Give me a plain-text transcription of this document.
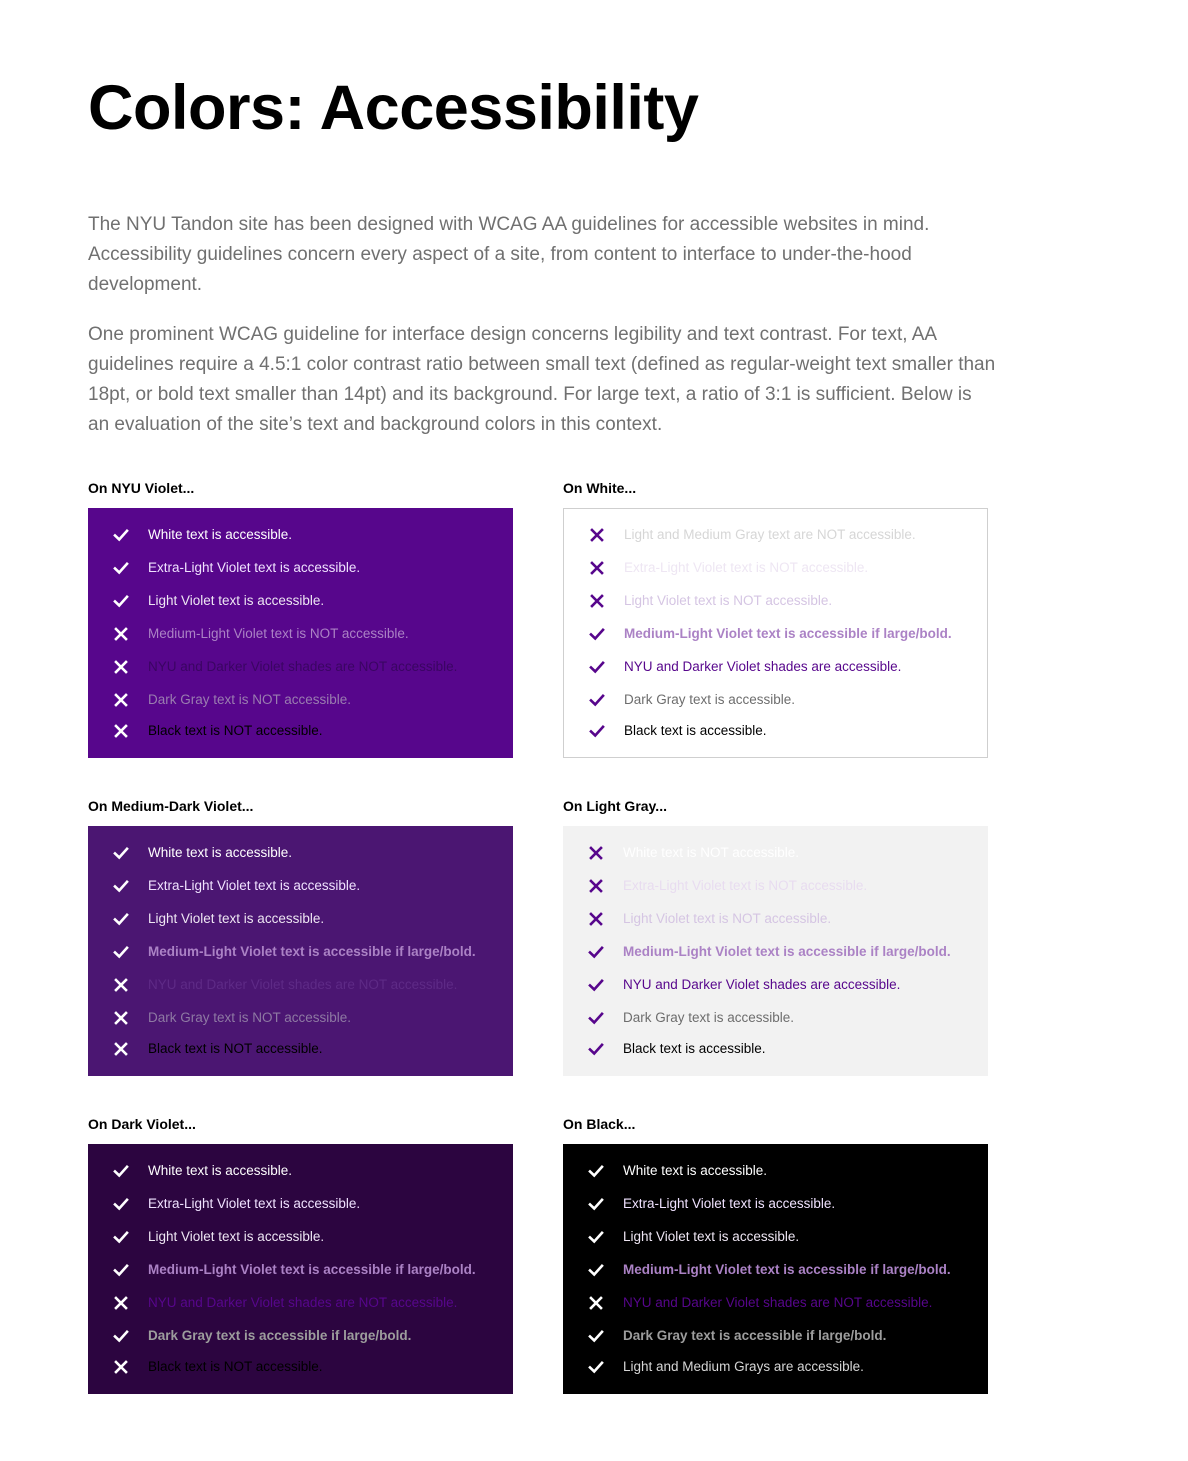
Colors: Accessibility

The NYU Tandon site has been designed with WCAG AA guidelines for accessible websites in mind. Accessibility guidelines concern every aspect of a site, from content to interface to under-the-hood development.

One prominent WCAG guideline for interface design concerns legibility and text contrast. For text, AA guidelines require a 4.5:1 color contrast ratio between small text (defined as regular-weight text smaller than 18pt, or bold text smaller than 14pt) and its background. For large text, a ratio of 3:1 is sufficient. Below is an evaluation of the site’s text and background colors in this context.

On NYU Violet...
White text is accessible.
Extra-Light Violet text is accessible.
Light Violet text is accessible.
Medium-Light Violet text is NOT accessible.
NYU and Darker Violet shades are NOT accessible.
Dark Gray text is NOT accessible.
Black text is NOT accessible.
On White...
Light and Medium Gray text are NOT accessible.
Extra-Light Violet text is NOT accessible.
Light Violet text is NOT accessible.
Medium-Light Violet text is accessible if large/bold.
NYU and Darker Violet shades are accessible.
Dark Gray text is accessible.
Black text is accessible.
On Medium-Dark Violet...
White text is accessible.
Extra-Light Violet text is accessible.
Light Violet text is accessible.
Medium-Light Violet text is accessible if large/bold.
NYU and Darker Violet shades are NOT accessible.
Dark Gray text is NOT accessible.
Black text is NOT accessible.
On Light Gray...
White text is NOT accessible.
Extra-Light Violet text is NOT accessible.
Light Violet text is NOT accessible.
Medium-Light Violet text is accessible if large/bold.
NYU and Darker Violet shades are accessible.
Dark Gray text is accessible.
Black text is accessible.
On Dark Violet...
White text is accessible.
Extra-Light Violet text is accessible.
Light Violet text is accessible.
Medium-Light Violet text is accessible if large/bold.
NYU and Darker Violet shades are NOT accessible.
Dark Gray text is accessible if large/bold.
Black text is NOT accessible.
On Black...
White text is accessible.
Extra-Light Violet text is accessible.
Light Violet text is accessible.
Medium-Light Violet text is accessible if large/bold.
NYU and Darker Violet shades are NOT accessible.
Dark Gray text is accessible if large/bold.
Light and Medium Grays are accessible.
